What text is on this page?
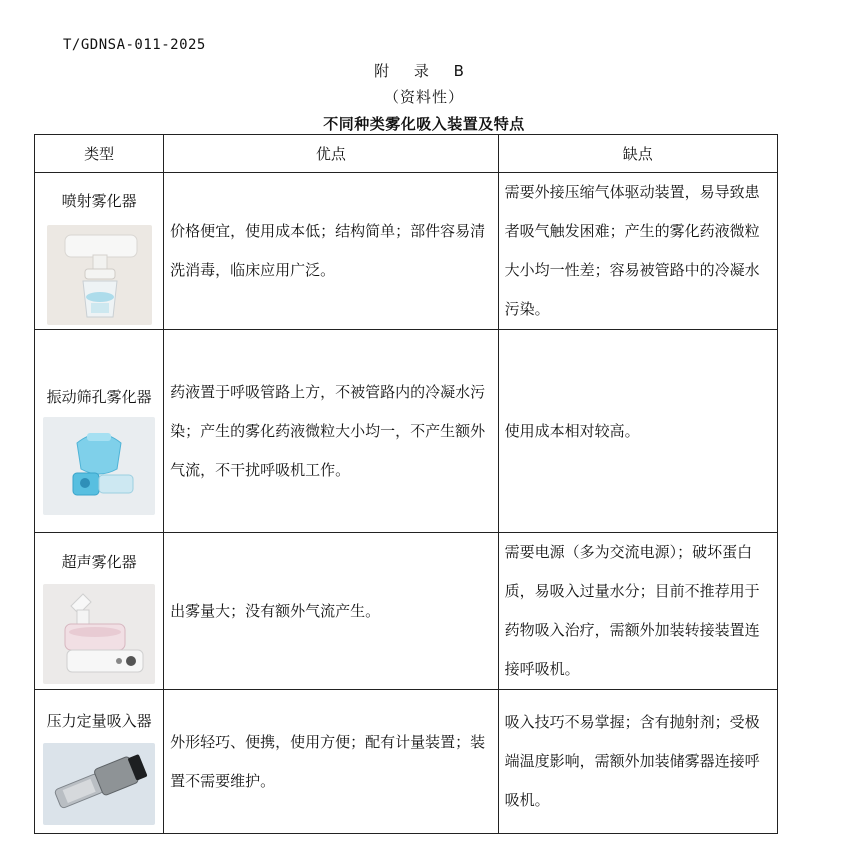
T/GDNSA-011-2025
附 录 B
（资料性）
不同种类雾化吸入装置及特点
类型	优点	缺点

喷射雾化器	价格便宜，使用成本低；结构简单；部件容易清洗消毒，临床应用广泛。	需要外接压缩气体驱动装置，易导致患者吸气触发困难；产生的雾化药液微粒大小均一性差；容易被管路中的冷凝水污染。

振动筛孔雾化器	药液置于呼吸管路上方，不被管路内的冷凝水污染；产生的雾化药液微粒大小均一，不产生额外气流，不干扰呼吸机工作。	使用成本相对较高。

超声雾化器	出雾量大；没有额外气流产生。	需要电源（多为交流电源）；破坏蛋白质，易吸入过量水分；目前不推荐用于药物吸入治疗，需额外加装转接装置连接呼吸机。

压力定量吸入器	外形轻巧、便携，使用方便；配有计量装置；装置不需要维护。	吸入技巧不易掌握；含有抛射剂；受极端温度影响，需额外加装储雾器连接呼吸机。
